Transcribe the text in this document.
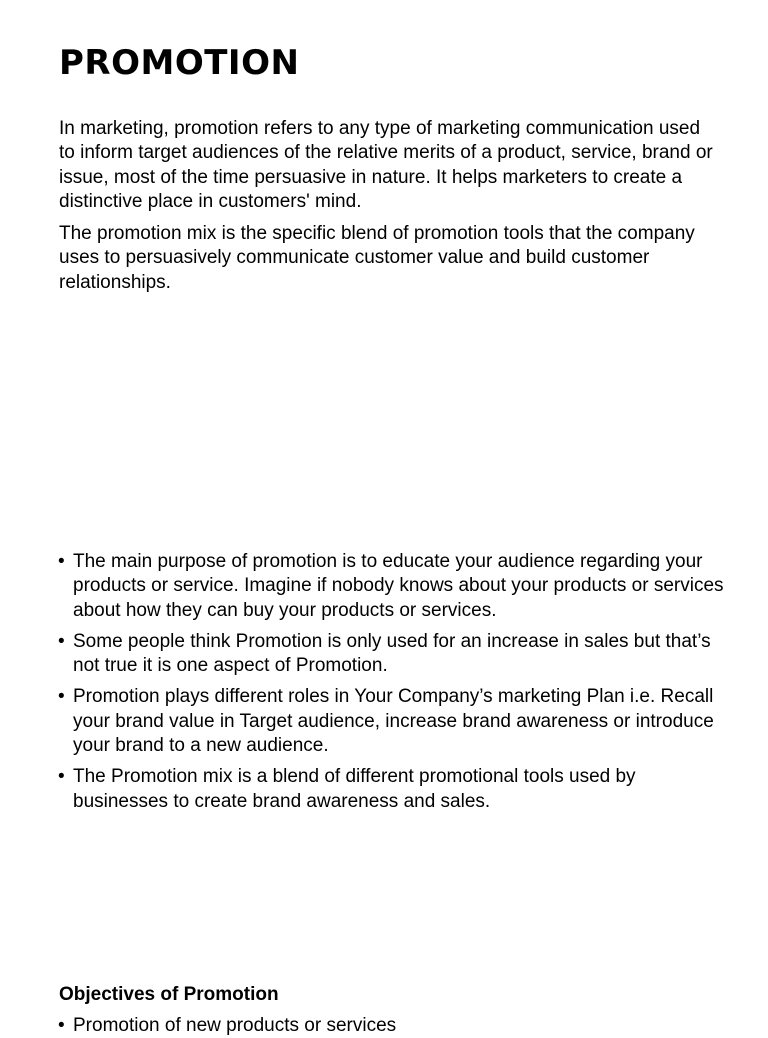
PROMOTION

In marketing, promotion refers to any type of marketing communication used to inform target audiences of the relative merits of a product, service, brand or issue, most of the time persuasive in nature. It helps marketers to create a distinctive place in customers' mind.

The promotion mix is the specific blend of promotion tools that the company uses to persuasively communicate customer value and build customer relationships.

• The main purpose of promotion is to educate your audience regarding your products or service. Imagine if nobody knows about your products or services about how they can buy your products or services.
• Some people think Promotion is only used for an increase in sales but that’s not true it is one aspect of Promotion.
• Promotion plays different roles in Your Company’s marketing Plan i.e. Recall your brand value in Target audience, increase brand awareness or introduce your brand to a new audience.
• The Promotion mix is a blend of different promotional tools used by businesses to create brand awareness and sales.
Objectives of Promotion
• Promotion of new products or services
